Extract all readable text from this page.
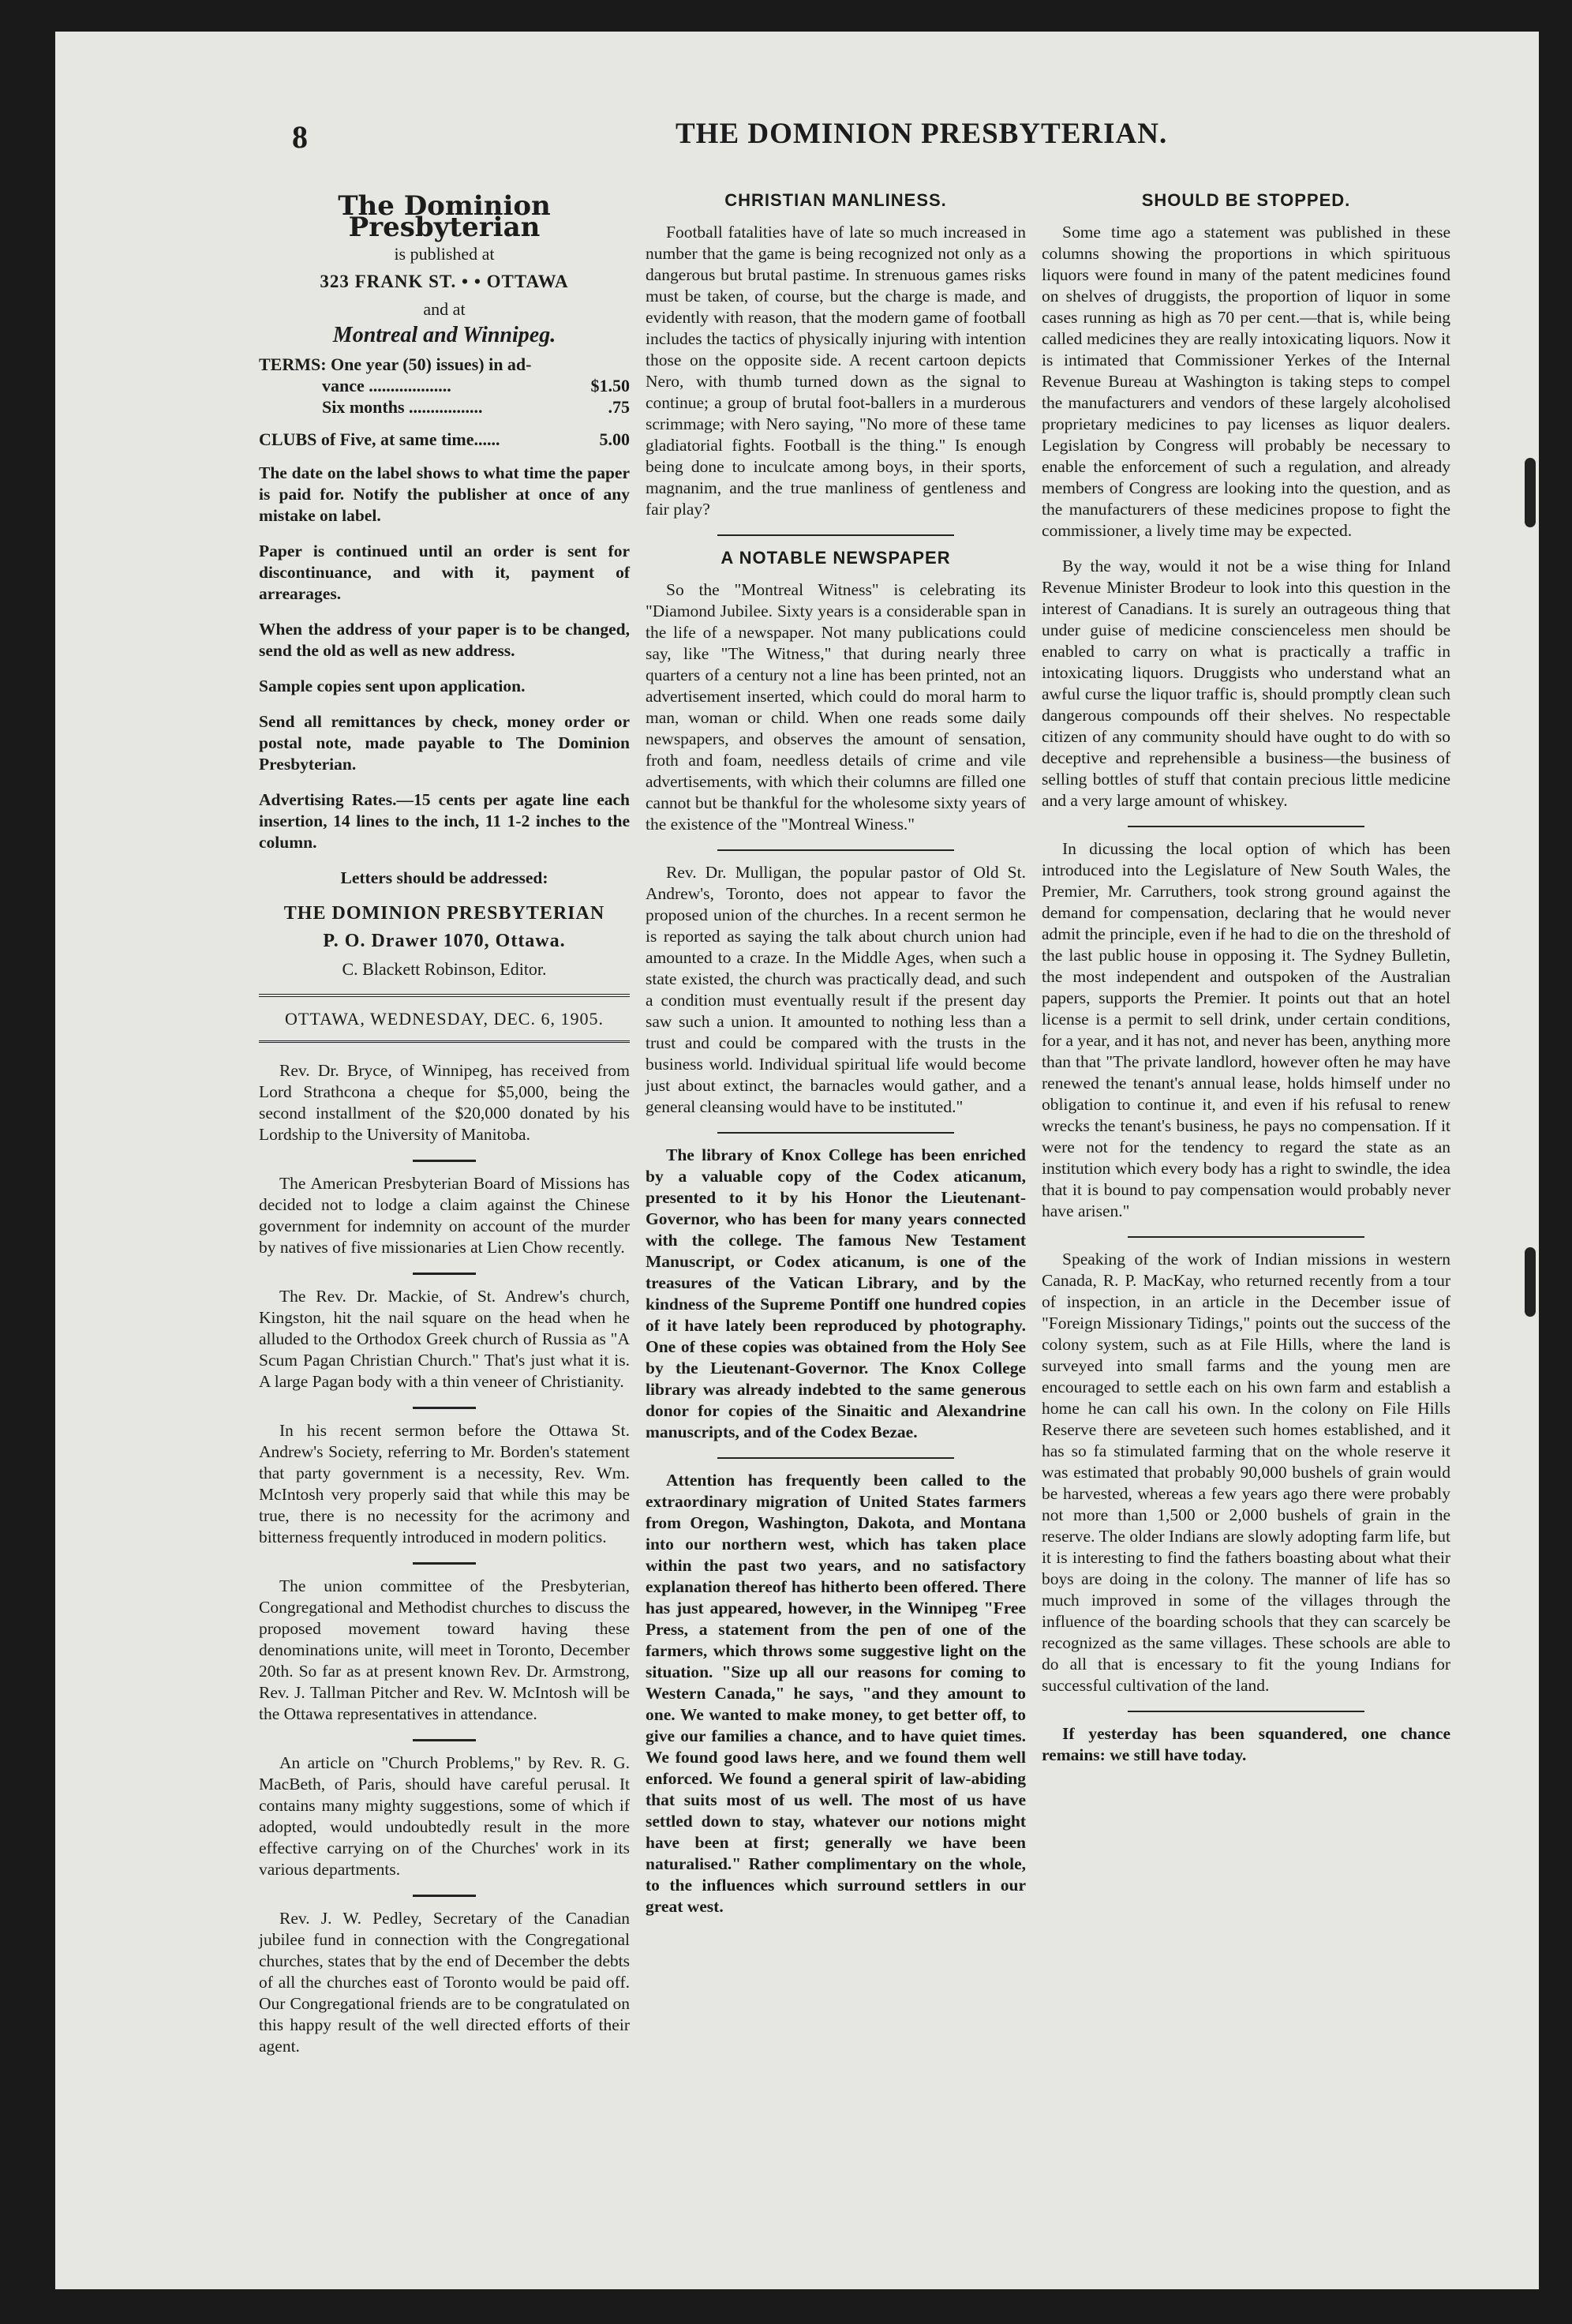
8	THE DOMINION PRESBYTERIAN.
The Dominion Presbyterian
is published at
323 FRANK ST. • • OTTAWA
and at
Montreal and Winnipeg.
TERMS: One year (50) issues) in ad-
vance ...................	$1.50
Six months .................	.75
CLUBS of Five, at same time......	5.00

The date on the label shows to what time the paper is paid for. Notify the publisher at once of any mistake on label.

Paper is continued until an order is sent for discontinuance, and with it, payment of arrearages.

When the address of your paper is to be changed, send the old as well as new address.

Sample copies sent upon application.

Send all remittances by check, money order or postal note, made payable to The Dominion Presbyterian.

Advertising Rates.—15 cents per agate line each insertion, 14 lines to the inch, 11 1-2 inches to the column.

Letters should be addressed:

THE DOMINION PRESBYTERIAN
P. O. Drawer 1070, Ottawa.
C. Blackett Robinson, Editor.
OTTAWA, WEDNESDAY, DEC. 6, 1905.

Rev. Dr. Bryce, of Winnipeg, has received from Lord Strathcona a cheque for $5,000, being the second installment of the $20,000 donated by his Lordship to the University of Manitoba.

The American Presbyterian Board of Missions has decided not to lodge a claim against the Chinese government for indemnity on account of the murder by natives of five missionaries at Lien Chow recently.

The Rev. Dr. Mackie, of St. Andrew's church, Kingston, hit the nail square on the head when he alluded to the Orthodox Greek church of Russia as "A Scum Pagan Christian Church." That's just what it is. A large Pagan body with a thin veneer of Christianity.

In his recent sermon before the Ottawa St. Andrew's Society, referring to Mr. Borden's statement that party government is a necessity, Rev. Wm. McIntosh very properly said that while this may be true, there is no necessity for the acrimony and bitterness frequently introduced in modern politics.

The union committee of the Presbyterian, Congregational and Methodist churches to discuss the proposed movement toward having these denominations unite, will meet in Toronto, December 20th. So far as at present known Rev. Dr. Armstrong, Rev. J. Tallman Pitcher and Rev. W. McIntosh will be the Ottawa representatives in attendance.

An article on "Church Problems," by Rev. R. G. MacBeth, of Paris, should have careful perusal. It contains many mighty suggestions, some of which if adopted, would undoubtedly result in the more effective carrying on of the Churches' work in its various departments.

Rev. J. W. Pedley, Secretary of the Canadian jubilee fund in connection with the Congregational churches, states that by the end of December the debts of all the churches east of Toronto would be paid off. Our Congregational friends are to be congratulated on this happy result of the well directed efforts of their agent.

CHRISTIAN MANLINESS.

Football fatalities have of late so much increased in number that the game is being recognized not only as a dangerous but brutal pastime. In strenuous games risks must be taken, of course, but the charge is made, and evidently with reason, that the modern game of football includes the tactics of physically injuring with intention those on the opposite side. A recent cartoon depicts Nero, with thumb turned down as the signal to continue; a group of brutal foot-ballers in a murderous scrimmage; with Nero saying, "No more of these tame gladiatorial fights. Football is the thing." Is enough being done to inculcate among boys, in their sports, magnanim, and the true manliness of gentleness and fair play?

A NOTABLE NEWSPAPER

So the "Montreal Witness" is celebrating its "Diamond Jubilee. Sixty years is a considerable span in the life of a newspaper. Not many publications could say, like "The Witness," that during nearly three quarters of a century not a line has been printed, not an advertisement inserted, which could do moral harm to man, woman or child. When one reads some daily newspapers, and observes the amount of sensation, froth and foam, needless details of crime and vile advertisements, with which their columns are filled one cannot but be thankful for the wholesome sixty years of the existence of the "Montreal Winess."

Rev. Dr. Mulligan, the popular pastor of Old St. Andrew's, Toronto, does not appear to favor the proposed union of the churches. In a recent sermon he is reported as saying the talk about church union had amounted to a craze. In the Middle Ages, when such a state existed, the church was practically dead, and such a condition must eventually result if the present day saw such a union. It amounted to nothing less than a trust and could be compared with the trusts in the business world. Individual spiritual life would become just about extinct, the barnacles would gather, and a general cleansing would have to be instituted."

The library of Knox College has been enriched by a valuable copy of the Codex aticanum, presented to it by his Honor the Lieutenant-Governor, who has been for many years connected with the college. The famous New Testament Manuscript, or Codex aticanum, is one of the treasures of the Vatican Library, and by the kindness of the Supreme Pontiff one hundred copies of it have lately been reproduced by photography. One of these copies was obtained from the Holy See by the Lieutenant-Governor. The Knox College library was already indebted to the same generous donor for copies of the Sinaitic and Alexandrine manuscripts, and of the Codex Bezae.

Attention has frequently been called to the extraordinary migration of United States farmers from Oregon, Washington, Dakota, and Montana into our northern west, which has taken place within the past two years, and no satisfactory explanation thereof has hitherto been offered. There has just appeared, however, in the Winnipeg "Free Press, a statement from the pen of one of the farmers, which throws some suggestive light on the situation. "Size up all our reasons for coming to Western Canada," he says, "and they amount to one. We wanted to make money, to get better off, to give our families a chance, and to have quiet times. We found good laws here, and we found them well enforced. We found a general spirit of law-abiding that suits most of us well. The most of us have settled down to stay, whatever our notions might have been at first; generally we have been naturalised." Rather complimentary on the whole, to the influences which surround settlers in our great west.

SHOULD BE STOPPED.

Some time ago a statement was published in these columns showing the proportions in which spirituous liquors were found in many of the patent medicines found on shelves of druggists, the proportion of liquor in some cases running as high as 70 per cent.—that is, while being called medicines they are really intoxicating liquors. Now it is intimated that Commissioner Yerkes of the Internal Revenue Bureau at Washington is taking steps to compel the manufacturers and vendors of these largely alcoholised proprietary medicines to pay licenses as liquor dealers. Legislation by Congress will probably be necessary to enable the enforcement of such a regulation, and already members of Congress are looking into the question, and as the manufacturers of these medicines propose to fight the commissioner, a lively time may be expected.

By the way, would it not be a wise thing for Inland Revenue Minister Brodeur to look into this question in the interest of Canadians. It is surely an outrageous thing that under guise of medicine conscienceless men should be enabled to carry on what is practically a traffic in intoxicating liquors. Druggists who understand what an awful curse the liquor traffic is, should promptly clean such dangerous compounds off their shelves. No respectable citizen of any community should have ought to do with so deceptive and reprehensible a business—the business of selling bottles of stuff that contain precious little medicine and a very large amount of whiskey.

In dicussing the local option of which has been introduced into the Legislature of New South Wales, the Premier, Mr. Carruthers, took strong ground against the demand for compensation, declaring that he would never admit the principle, even if he had to die on the threshold of the last public house in opposing it. The Sydney Bulletin, the most independent and outspoken of the Australian papers, supports the Premier. It points out that an hotel license is a permit to sell drink, under certain conditions, for a year, and it has not, and never has been, anything more than that "The private landlord, however often he may have renewed the tenant's annual lease, holds himself under no obligation to continue it, and even if his refusal to renew wrecks the tenant's business, he pays no compensation. If it were not for the tendency to regard the state as an institution which every body has a right to swindle, the idea that it is bound to pay compensation would probably never have arisen."

Speaking of the work of Indian missions in western Canada, R. P. MacKay, who returned recently from a tour of inspection, in an article in the December issue of "Foreign Missionary Tidings," points out the success of the colony system, such as at File Hills, where the land is surveyed into small farms and the young men are encouraged to settle each on his own farm and establish a home he can call his own. In the colony on File Hills Reserve there are seveteen such homes established, and it has so fa stimulated farming that on the whole reserve it was estimated that probably 90,000 bushels of grain would be harvested, whereas a few years ago there were probably not more than 1,500 or 2,000 bushels of grain in the reserve. The older Indians are slowly adopting farm life, but it is interesting to find the fathers boasting about what their boys are doing in the colony. The manner of life has so much improved in some of the villages through the influence of the boarding schools that they can scarcely be recognized as the same villages. These schools are able to do all that is encessary to fit the young Indians for successful cultivation of the land.

If yesterday has been squandered, one chance remains: we still have today.
